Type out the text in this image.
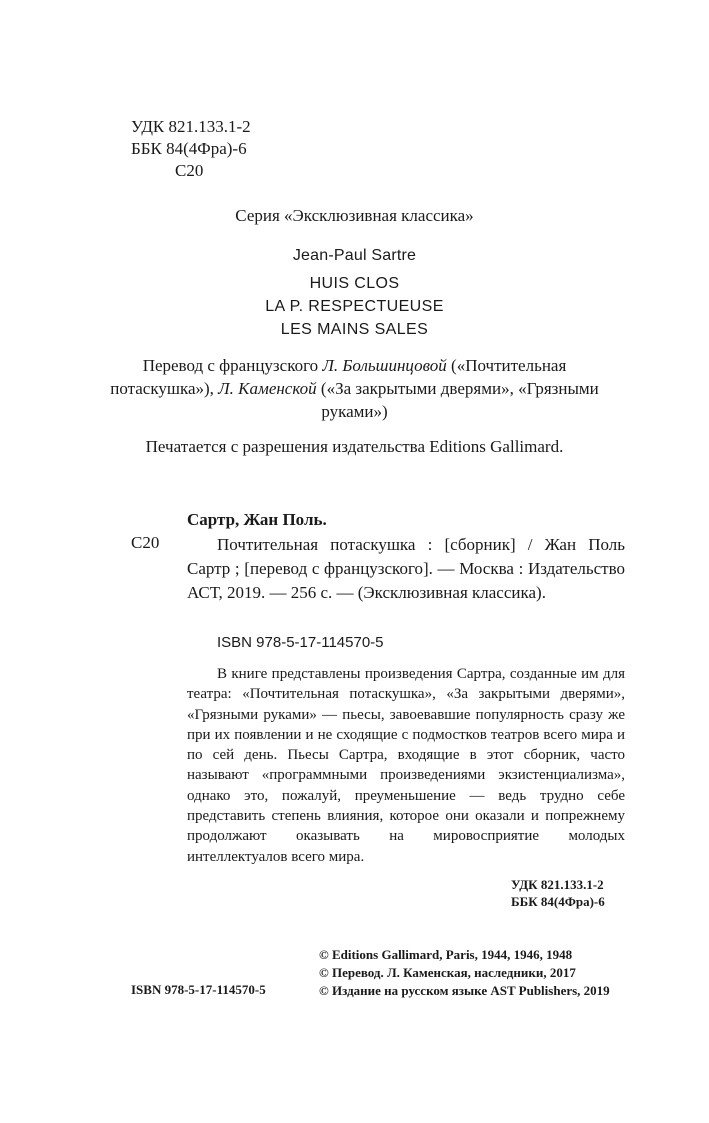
УДК 821.133.1-2
ББК 84(4Фра)-6
С20
Серия «Эксклюзивная классика»
Jean-Paul Sartre
HUIS CLOS
LA P. RESPECTUEUSE
LES MAINS SALES
Перевод с французского Л. Большинцовой («Почтительная потаскушка»), Л. Каменской («За закрытыми дверями», «Грязными руками»)
Печатается с разрешения издательства Editions Gallimard.
Сартр, Жан Поль.
С20	Почтительная потаскушка : [сборник] / Жан Поль Сартр ; [перевод с французского]. — Москва : Издательство АСТ, 2019. — 256 с. — (Эксклюзивная классика).
ISBN 978-5-17-114570-5
В книге представлены произведения Сартра, созданные им для театра: «Почтительная потаскушка», «За закрытыми дверями», «Грязными руками» — пьесы, завоевавшие популярность сразу же при их появлении и не сходящие с подмостков театров всего мира и по сей день. Пьесы Сартра, входящие в этот сборник, часто называют «программными произведениями экзистенциализма», однако это, пожалуй, преуменьшение — ведь трудно себе представить степень влияния, которое они оказали и попрежнему продолжают оказывать на мировосприятие молодых интеллектуалов всего мира.
УДК 821.133.1-2
ББК 84(4Фра)-6
© Editions Gallimard, Paris, 1944, 1946, 1948
© Перевод. Л. Каменская, наследники, 2017
© Издание на русском языке AST Publishers, 2019
ISBN 978-5-17-114570-5
